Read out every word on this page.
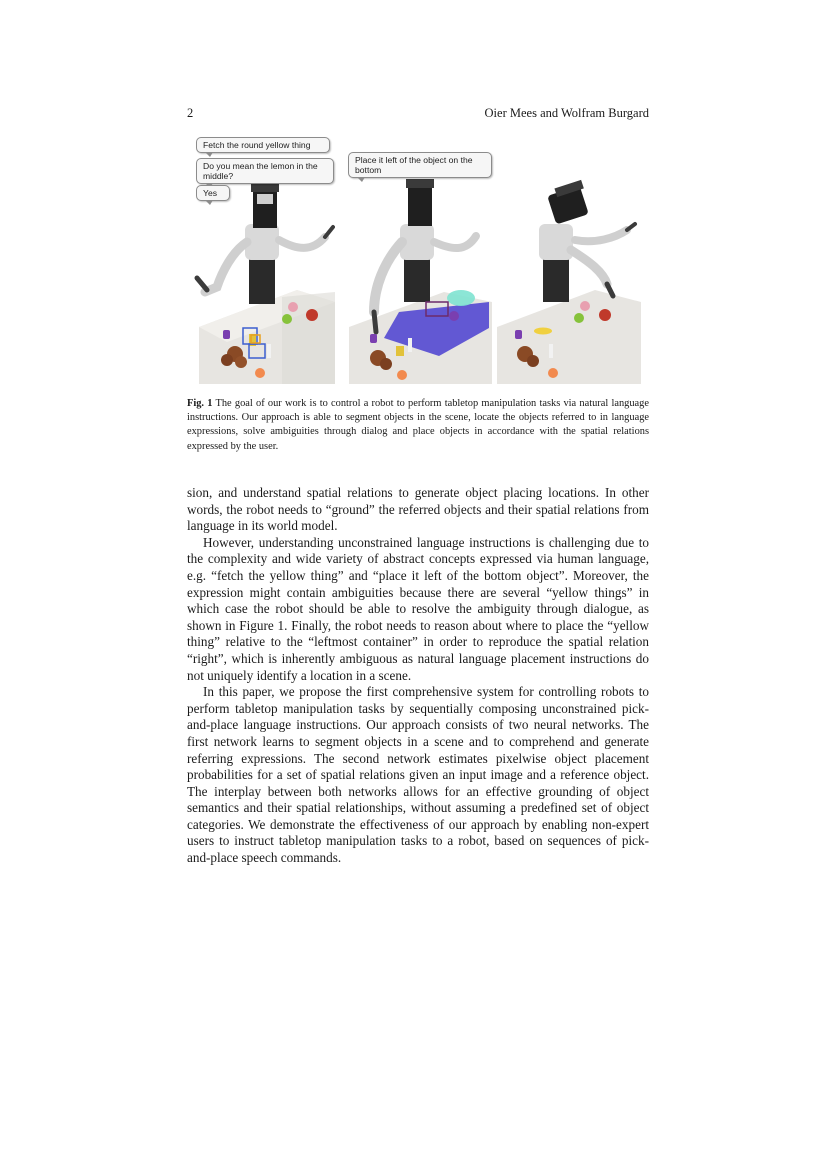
2	Oier Mees and Wolfram Burgard
Fetch the round yellow thing
Do you mean the lemon in the middle?
Yes
Place it left of the object on the bottom
Fig. 1 The goal of our work is to control a robot to perform tabletop manipulation tasks via natural language instructions. Our approach is able to segment objects in the scene, locate the objects referred to in language expressions, solve ambiguities through dialog and place objects in accordance with the spatial relations expressed by the user.

sion, and understand spatial relations to generate object placing locations. In other words, the robot needs to “ground” the referred objects and their spatial relations from language in its world model.

However, understanding unconstrained language instructions is challenging due to the complexity and wide variety of abstract concepts expressed via human language, e.g. “fetch the yellow thing” and “place it left of the bottom object”. Moreover, the expression might contain ambiguities because there are several “yellow things” in which case the robot should be able to resolve the ambiguity through dialogue, as shown in Figure 1. Finally, the robot needs to reason about where to place the “yellow thing” relative to the “leftmost container” in order to reproduce the spatial relation “right”, which is inherently ambiguous as natural language placement instructions do not uniquely identify a location in a scene.

In this paper, we propose the first comprehensive system for controlling robots to perform tabletop manipulation tasks by sequentially composing unconstrained pick-and-place language instructions. Our approach consists of two neural networks. The first network learns to segment objects in a scene and to comprehend and generate referring expressions. The second network estimates pixelwise object placement probabilities for a set of spatial relations given an input image and a reference object. The interplay between both networks allows for an effective grounding of object semantics and their spatial relationships, without assuming a predefined set of object categories. We demonstrate the effectiveness of our approach by enabling non-expert users to instruct tabletop manipulation tasks to a robot, based on sequences of pick-and-place speech commands.
